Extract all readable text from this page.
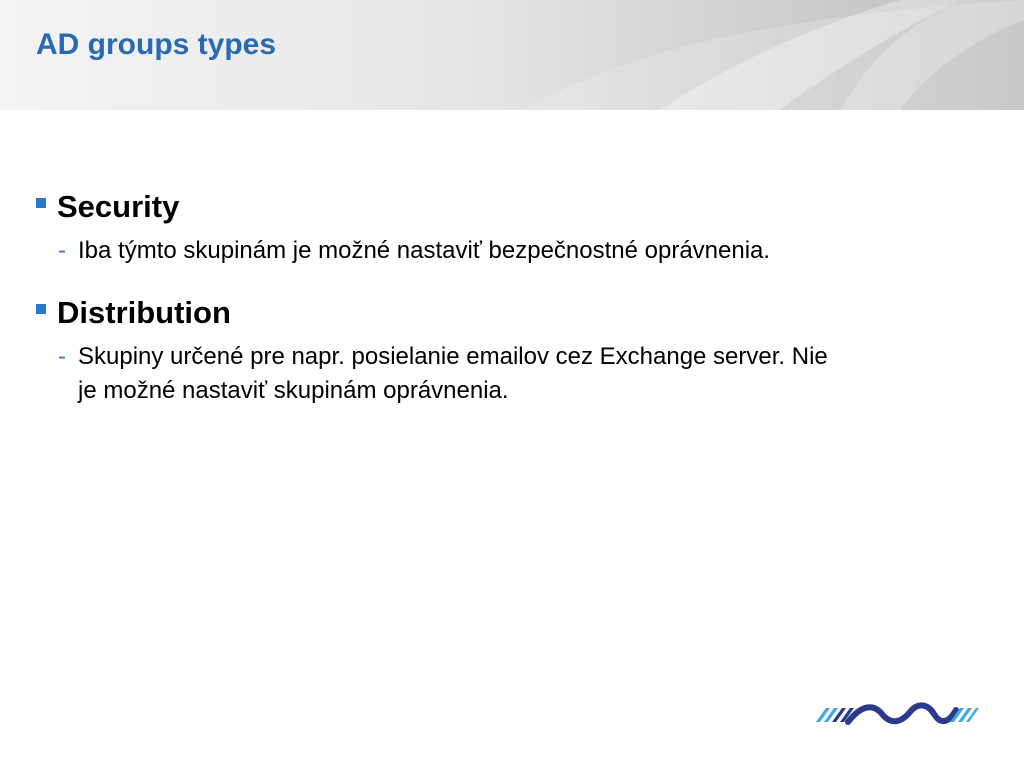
AD groups types

Security

- Iba týmto skupinám je možné nastaviť bezpečnostné oprávnenia.

Distribution

- Skupiny určené pre napr. posielanie emailov cez Exchange server. Nie
je možné nastaviť skupinám oprávnenia.
